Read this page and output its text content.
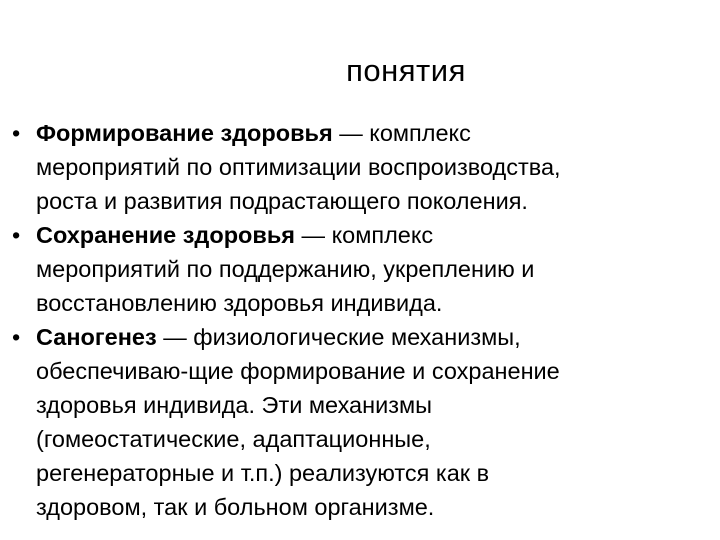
понятия

• Формирование здоровья — комплекс
мероприятий по оптимизации воспроизводства,
роста и развития подрастающего поколения.

• Сохранение здоровья — комплекс
мероприятий по поддержанию, укреплению и
восстановлению здоровья индивида.

• Саногенез — физиологические механизмы,
обеспечиваю-щие формирование и сохранение
здоровья индивида. Эти механизмы
(гомеостатические, адаптационные,
регенераторные и т.п.) реализуются как в
здоровом, так и больном организме.
